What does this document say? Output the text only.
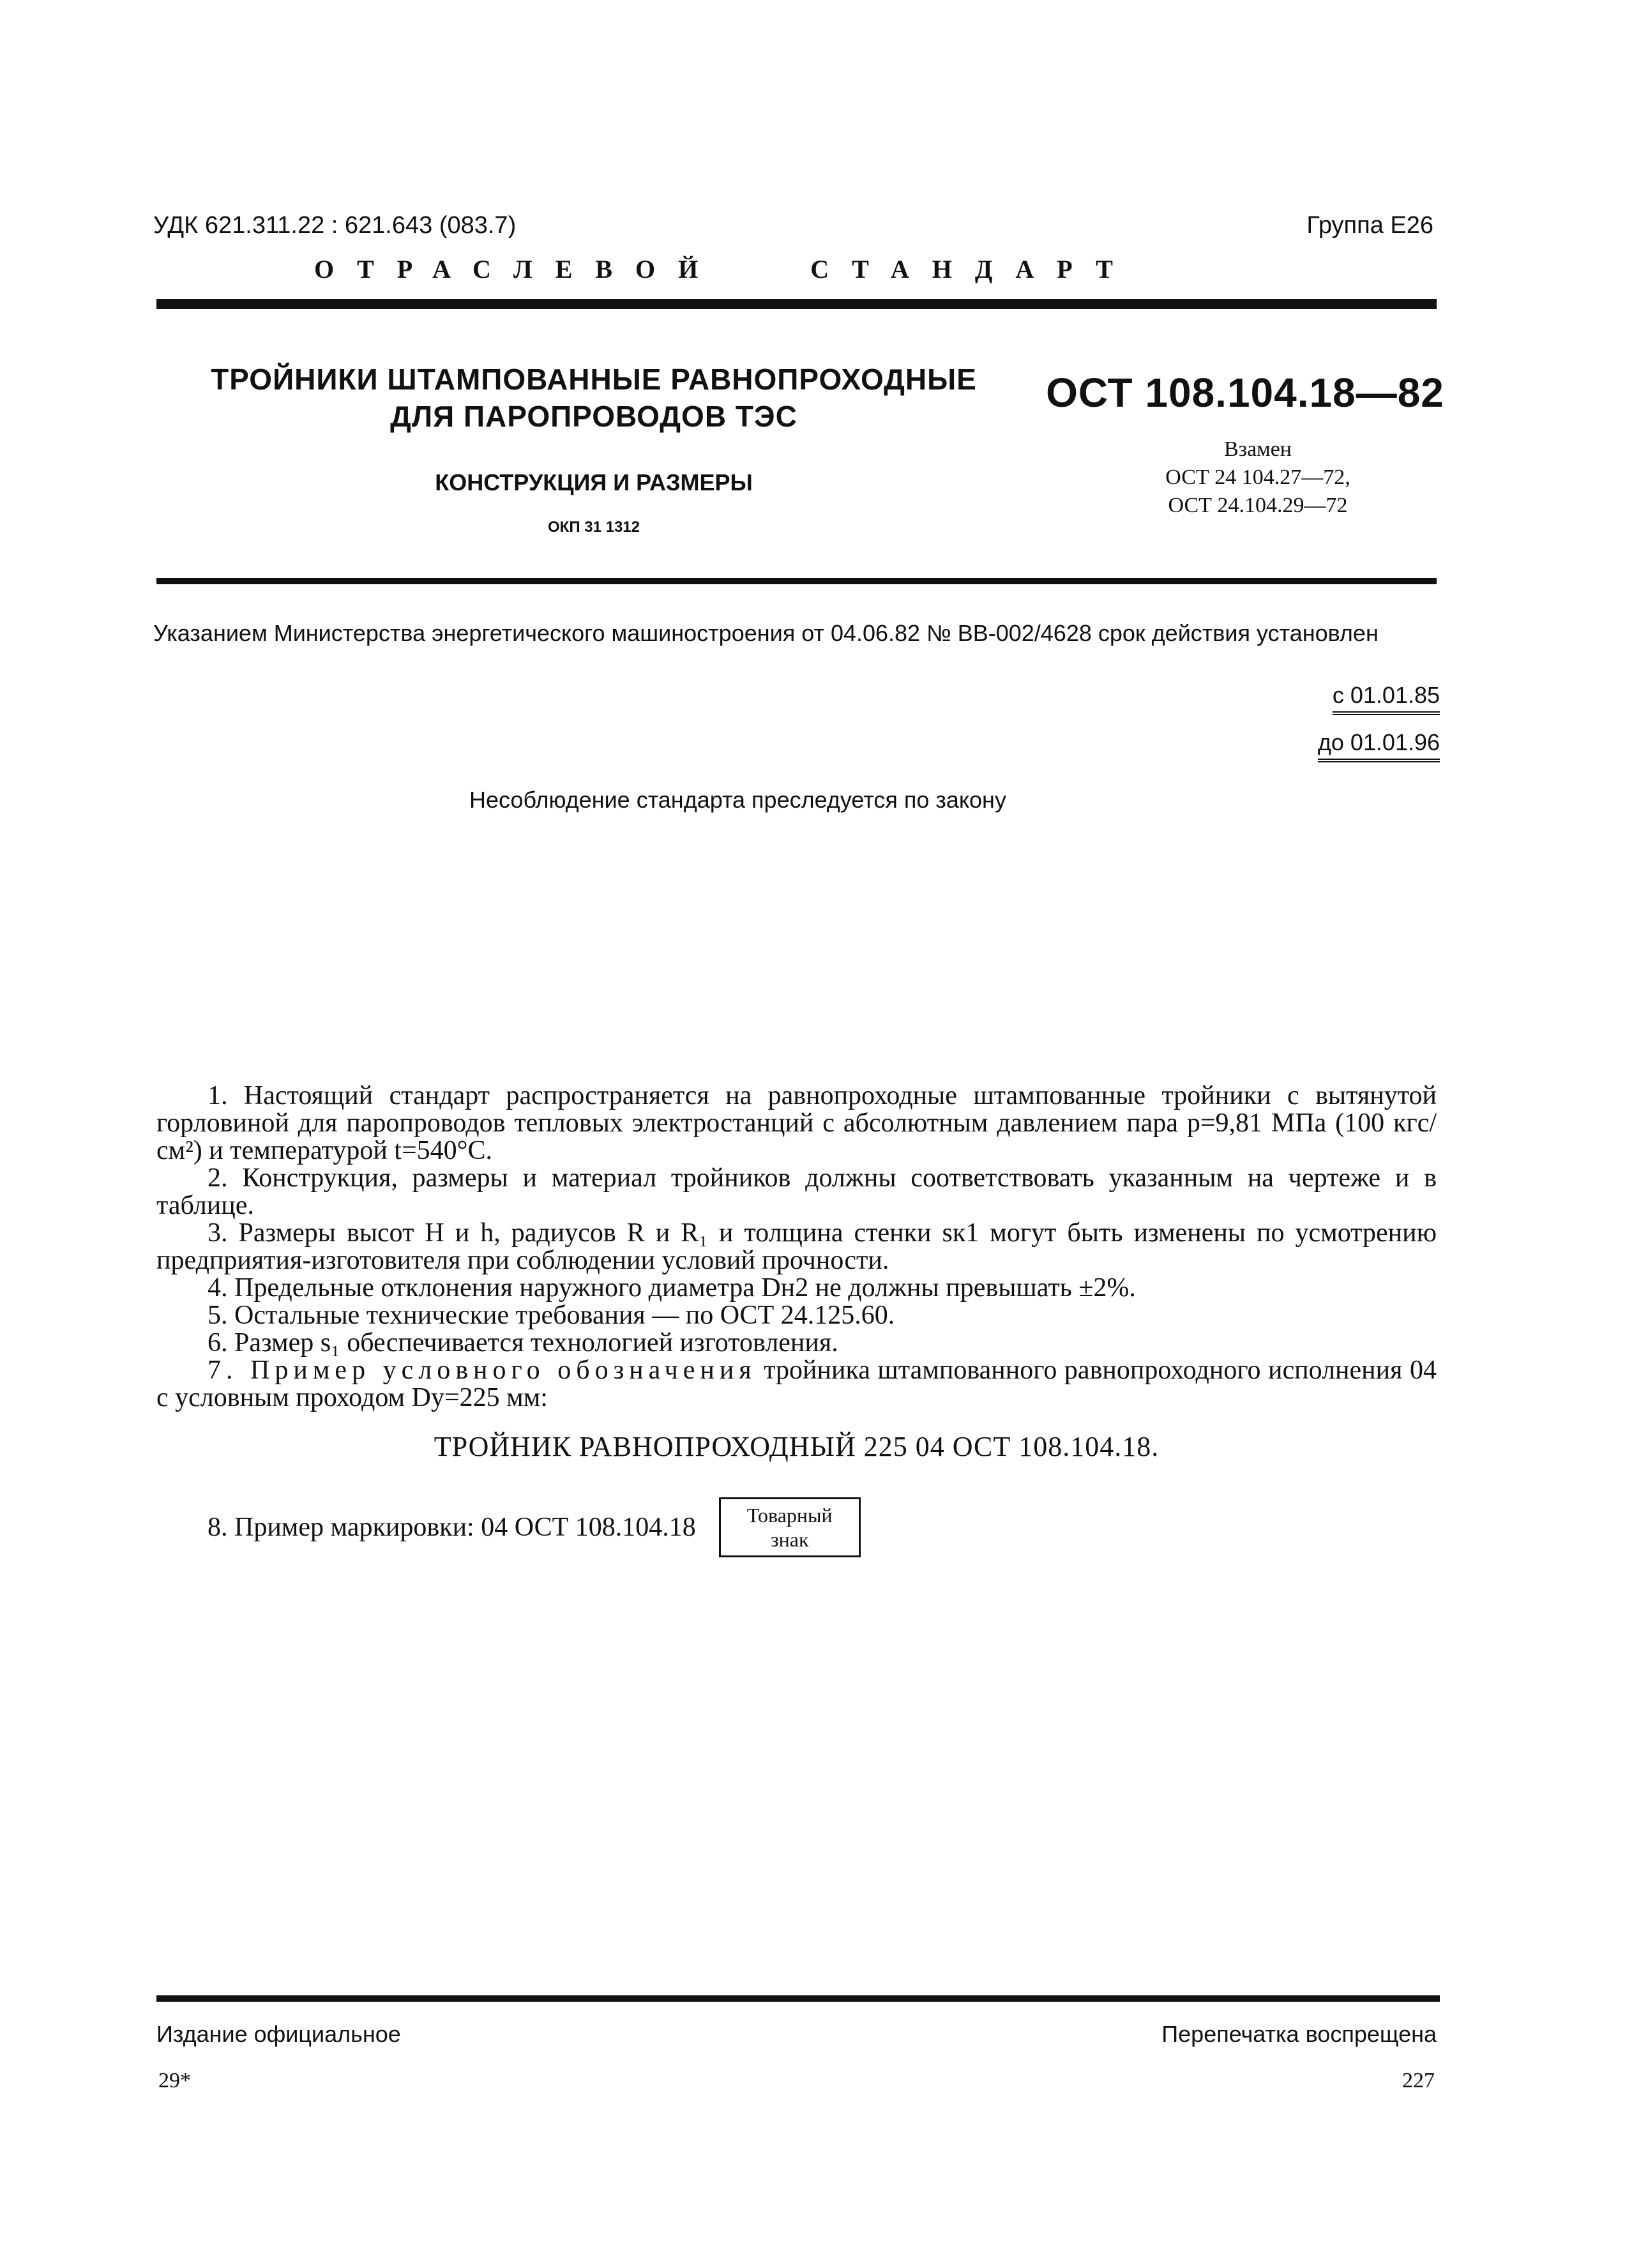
УДК 621.311.22 : 621.643 (083.7)	Группа Е26
ОТРАСЛЕВОЙ	СТАНДАРТ
ТРОЙНИКИ ШТАМПОВАННЫЕ РАВНОПРОХОДНЫЕ
ДЛЯ ПАРОПРОВОДОВ ТЭС
КОНСТРУКЦИЯ И РАЗМЕРЫ
ОКП 31 1312
ОСТ 108.104.18—82
Взамен
ОСТ 24 104.27—72,
ОСТ 24.104.29—72
Указанием Министерства энергетического машиностроения от 04.06.82 № ВВ-002/4628 срок действия установлен
с 01.01.85
до 01.01.96
Несоблюдение стандарта преследуется по закону

1. Настоящий стандарт распространяется на равнопроходные штампованные тройники с вытянутой горловиной для паропроводов тепловых электростанций с абсолютным давлением пара p=9,81 МПа (100 кгс/см²) и температурой t=540°С.

2. Конструкция, размеры и материал тройников должны соответствовать указанным на чертеже и в таблице.

3. Размеры высот H и h, радиусов R и R₁ и толщина стенки sк1 могут быть изменены по усмотрению предприятия-изготовителя при соблюдении условий прочности.

4. Предельные отклонения наружного диаметра Dн2 не должны превышать ±2%.

5. Остальные технические требования — по ОСТ 24.125.60.

6. Размер s₁ обеспечивается технологией изготовления.

7. Пример условного обозначения тройника штампованного равнопроходного исполнения 04 с условным проходом Dу=225 мм:

ТРОЙНИК РАВНОПРОХОДНЫЙ 225 04 ОСТ 108.104.18.
8. Пример маркировки: 04 ОСТ 108.104.18	Товарный
знак
Издание официальное	Перепечатка воспрещена
29*	227
